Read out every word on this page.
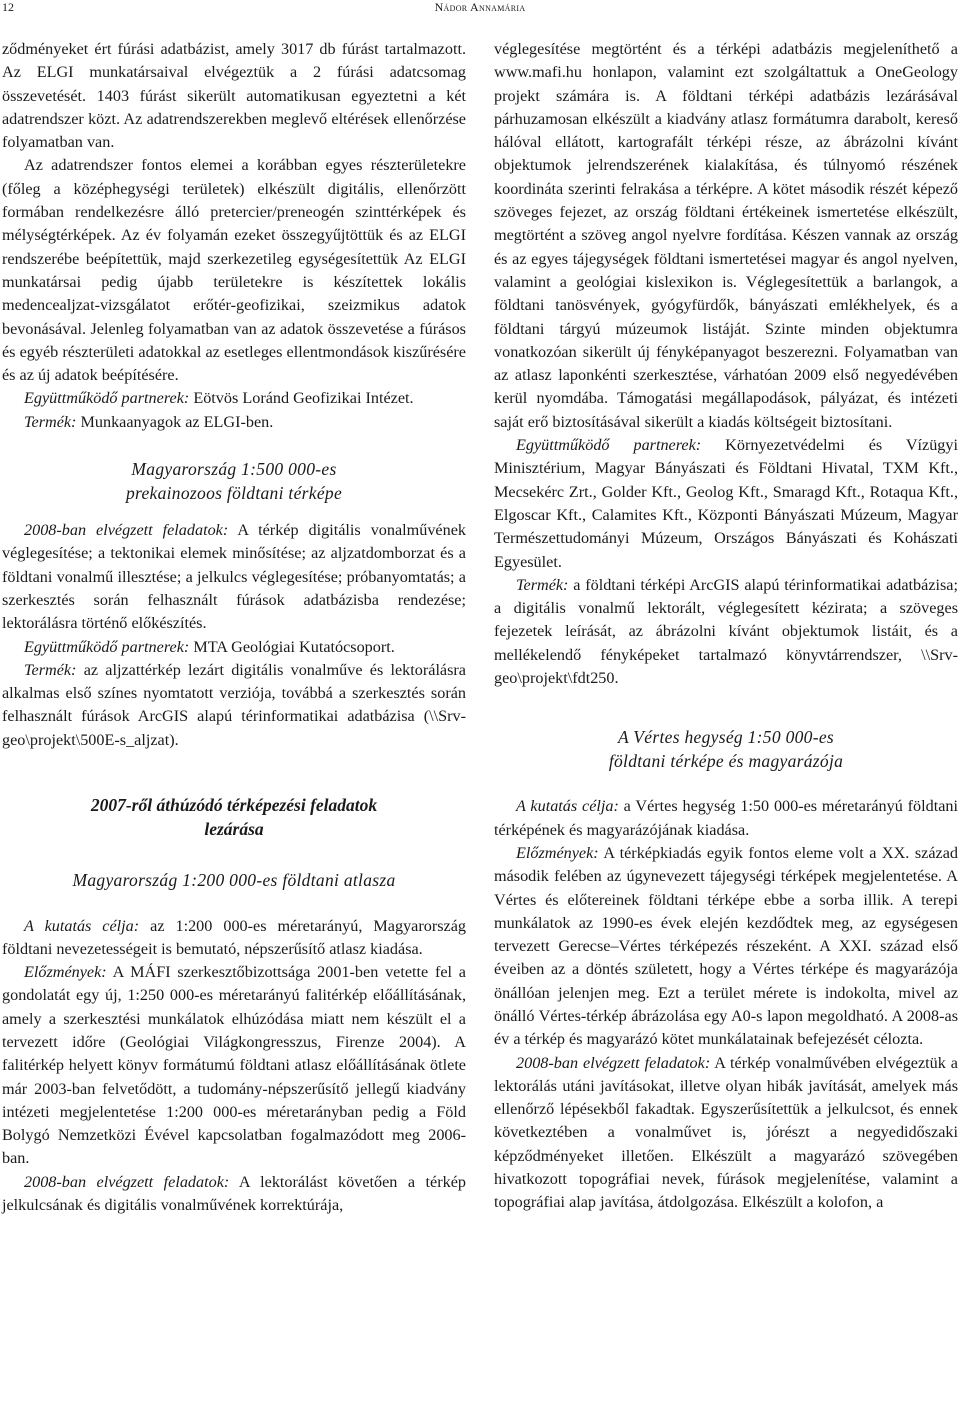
12	Nádor Annamária

ződményeket ért fúrási adatbázist, amely 3017 db fúrást tartalmazott. Az ELGI munkatársaival elvégeztük a 2 fúrási adatcsomag összevetését. 1403 fúrást sikerült automatikusan egyeztetni a két adatrendszer közt. Az adatrendszerekben meglevő eltérések ellenőrzése folyamatban van.

Az adatrendszer fontos elemei a korábban egyes részterületekre (főleg a középhegységi területek) elkészült digitális, ellenőrzött formában rendelkezésre álló pretercier/preneogén szinttérképek és mélységtérképek. Az év folyamán ezeket összegyűjtöttük és az ELGI rendszerébe beépítettük, majd szerkezetileg egységesítettük Az ELGI munkatársai pedig újabb területekre is készítettek lokális medencealjzat-vizsgálatot erőtér-geofizikai, szeizmikus adatok bevonásával. Jelenleg folyamatban van az adatok összevetése a fúrásos és egyéb részterületi adatokkal az esetleges ellentmondások kiszűrésére és az új adatok beépítésére.

Együttműködő partnerek: Eötvös Loránd Geofizikai Intézet.

Termék: Munkaanyagok az ELGI-ben.

Magyarország 1:500 000-es
prekainozoos földtani térképe

2008-ban elvégzett feladatok: A térkép digitális vonalművének véglegesítése; a tektonikai elemek minősítése; az aljzatdomborzat és a földtani vonalmű illesztése; a jelkulcs véglegesítése; próbanyomtatás; a szerkesztés során felhasznált fúrások adatbázisba rendezése; lektorálásra történő előkészítés.

Együttműködő partnerek: MTA Geológiai Kutatócsoport.

Termék: az aljzattérkép lezárt digitális vonalműve és lektorálásra alkalmas első színes nyomtatott verziója, továbbá a szerkesztés során felhasznált fúrások ArcGIS alapú térinformatikai adatbázisa (\\Srv-geo\projekt\500E-s_aljzat).

2007-ről áthúzódó térképezési feladatok
lezárása
Magyarország 1:200 000-es földtani atlasza

A kutatás célja: az 1:200 000-es méretarányú, Magyarország földtani nevezetességeit is bemutató, népszerűsítő atlasz kiadása.

Előzmények: A MÁFI szerkesztőbizottsága 2001-ben vetette fel a gondolatát egy új, 1:250 000-es méretarányú falitérkép előállításának, amely a szerkesztési munkálatok elhúzódása miatt nem készült el a tervezett időre (Geológiai Világkongresszus, Firenze 2004). A falitérkép helyett könyv formátumú földtani atlasz előállításának ötlete már 2003-ban felvetődött, a tudomány-népszerűsítő jellegű kiadvány intézeti megjelentetése 1:200 000-es méretarányban pedig a Föld Bolygó Nemzetközi Évével kapcsolatban fogalmazódott meg 2006-ban.

2008-ban elvégzett feladatok: A lektorálást követően a térkép jelkulcsának és digitális vonalművének korrektúrája,

véglegesítése megtörtént és a térképi adatbázis megjeleníthető a www.mafi.hu honlapon, valamint ezt szolgáltattuk a OneGeology projekt számára is. A földtani térképi adatbázis lezárásával párhuzamosan elkészült a kiadvány atlasz formátumra darabolt, kereső hálóval ellátott, kartografált térképi része, az ábrázolni kívánt objektumok jelrendszerének kialakítása, és túlnyomó részének koordináta szerinti felrakása a térképre. A kötet második részét képező szöveges fejezet, az ország földtani értékeinek ismertetése elkészült, megtörtént a szöveg angol nyelvre fordítása. Készen vannak az ország és az egyes tájegységek földtani ismertetései magyar és angol nyelven, valamint a geológiai kislexikon is. Véglegesítettük a barlangok, a földtani tanösvények, gyógyfürdők, bányászati emlékhelyek, és a földtani tárgyú múzeumok listáját. Szinte minden objektumra vonatkozóan sikerült új fényképanyagot beszerezni. Folyamatban van az atlasz laponkénti szerkesztése, várhatóan 2009 első negyedévében kerül nyomdába. Támogatási megállapodások, pályázat, és intézeti saját erő biztosításával sikerült a kiadás költségeit biztosítani.

Együttműködő partnerek: Környezetvédelmi és Vízügyi Minisztérium, Magyar Bányászati és Földtani Hivatal, TXM Kft., Mecsekérc Zrt., Golder Kft., Geolog Kft., Smaragd Kft., Rotaqua Kft., Elgoscar Kft., Calamites Kft., Központi Bányászati Múzeum, Magyar Természettudományi Múzeum, Országos Bányászati és Kohászati Egyesület.

Termék: a földtani térképi ArcGIS alapú térinformatikai adatbázisa; a digitális vonalmű lektorált, véglegesített kézirata; a szöveges fejezetek leírását, az ábrázolni kívánt objektumok listáit, és a mellékelendő fényképeket tartalmazó könyvtárrendszer, \\Srv-geo\projekt\fdt250.

A Vértes hegység 1:50 000-es
földtani térképe és magyarázója

A kutatás célja: a Vértes hegység 1:50 000-es méretarányú földtani térképének és magyarázójának kiadása.

Előzmények: A térképkiadás egyik fontos eleme volt a XX. század második felében az úgynevezett tájegységi térképek megjelentetése. A Vértes és előtereinek földtani térképe ebbe a sorba illik. A terepi munkálatok az 1990-es évek elején kezdődtek meg, az egységesen tervezett Gerecse–Vértes térképezés részeként. A XXI. század első éveiben az a döntés született, hogy a Vértes térképe és magyarázója önállóan jelenjen meg. Ezt a terület mérete is indokolta, mivel az önálló Vértes-térkép ábrázolása egy A0-s lapon megoldható. A 2008-as év a térkép és magyarázó kötet munkálatainak befejezését célozta.

2008-ban elvégzett feladatok: A térkép vonalművében elvégeztük a lektorálás utáni javításokat, illetve olyan hibák javítását, amelyek más ellenőrző lépésekből fakadtak. Egyszerűsítettük a jelkulcsot, és ennek következtében a vonalművet is, jórészt a negyedidőszaki képződményeket illetően. Elkészült a magyarázó szövegében hivatkozott topográfiai nevek, fúrások megjelenítése, valamint a topográfiai alap javítása, átdolgozása. Elkészült a kolofon, a
